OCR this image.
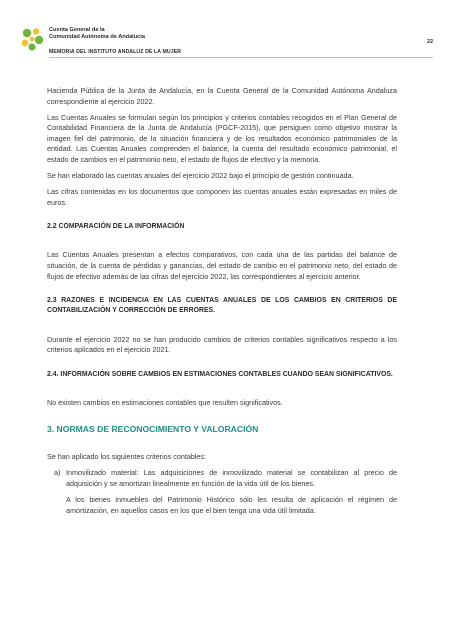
Cuenta General de la
Comunidad Autónoma de Andalucía
22
MEMORIA DEL INSTITUTO ANDALUZ DE LA MUJER

Hacienda Pública de la Junta de Andalucía, en la Cuenta General de la Comunidad Autónoma Andaluza correspondiente al ejercicio 2022.

Las Cuentas Anuales se formulan según los principios y criterios contables recogidos en el Plan General de Contabilidad Financiera de la Junta de Andalucía (PGCF-2015), que persiguen como objetivo mostrar la imagen fiel del patrimonio, de la situación financiera y de los resultados económico patrimoniales de la entidad. Las Cuentas Anuales comprenden el balance, la cuenta del resultado económico patrimonial, el estado de cambios en el patrimonio neto, el estado de flujos de efectivo y la memoria.

Se han elaborado las cuentas anuales del ejercicio 2022 bajo el principio de gestión continuada.

Las cifras contenidas en los documentos que componen las cuentas anuales están expresadas en miles de euros.

2.2 COMPARACIÓN DE LA INFORMACIÓN

Las Cuentas Anuales presentan a efectos comparativos, con cada una de las partidas del balance de situación, de la cuenta de pérdidas y ganancias, del estado de cambio en el patrimonio neto, del estado de flujos de efectivo además de las cifras del ejercicio 2022, las correspondientes al ejercicio anterior.

2.3 RAZONES E INCIDENCIA EN LAS CUENTAS ANUALES DE LOS CAMBIOS EN CRITERIOS DE CONTABILIZACIÓN Y CORRECCIÓN DE ERRORES.

Durante el ejercicio 2022 no se han producido cambios de criterios contables significativos respecto a los criterios aplicados en el ejercicio 2021.

2.4. INFORMACIÓN SOBRE CAMBIOS EN ESTIMACIONES CONTABLES CUANDO SEAN SIGNIFICATIVOS.

No existen cambios en estimaciones contables que resulten significativos.

3. NORMAS DE RECONOCIMIENTO Y VALORACIÓN

Se han aplicado los siguientes criterios contables:

a) Inmovilizado material: Las adquisiciones de inmovilizado material se contabilizan al precio de adquisición y se amortizan linealmente en función de la vida útil de los bienes.

A los bienes inmuebles del Patrimonio Histórico sólo les resulta de aplicación el régimen de amortización, en aquellos casos en los que el bien tenga una vida útil limitada.
